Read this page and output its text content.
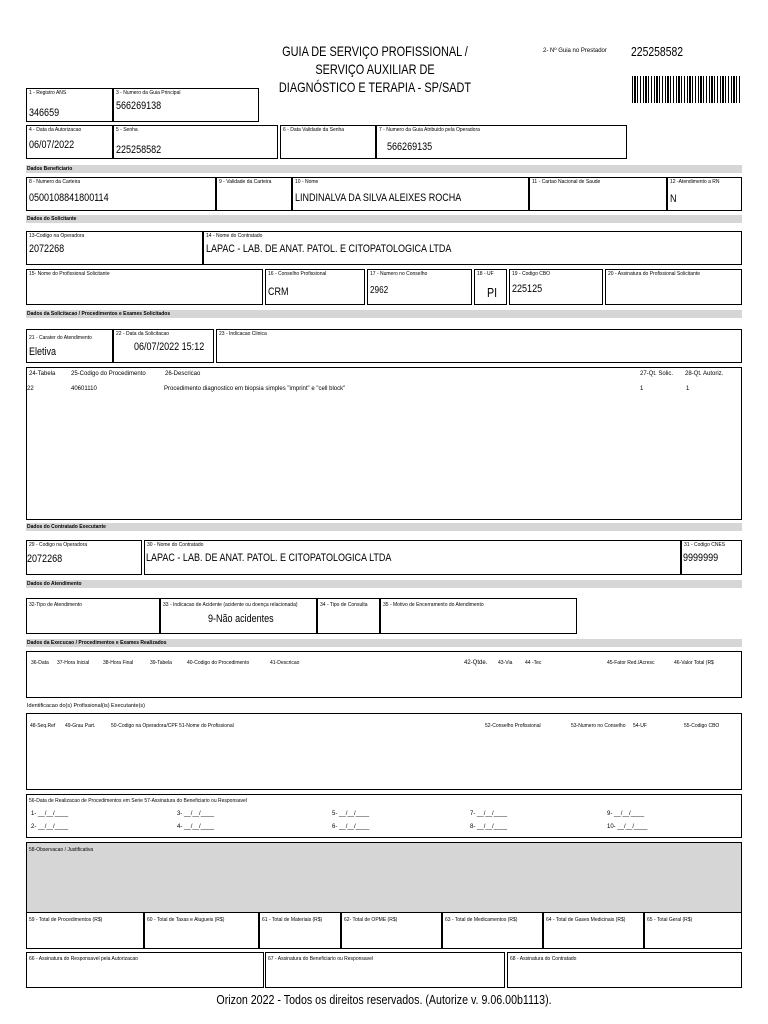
GUIA DE SERVIÇO PROFISSIONAL / SERVIÇO AUXILIAR DE
DIAGNÓSTICO E TERAPIA - SP/SADT
2- Nº Guia no Prestador 225258582
1 - Registro ANS
346659
3 - Numero da Guia Principal
566269138
4 - Data da Autorizacao
06/07/2022
5 - Senha
225258582
6 - Data Validade da Senha	7 - Numero da Guia Atribuido pela Operadora
566269135
Dados Beneficiario
8 - Numero da Carteira
0500108841800114
9 - Validade da Carteira	10 - Nome
LINDINALVA DA SILVA ALEIXES ROCHA
11 - Cartao Nacional de Saude	12 -Atendimento a RN
N
Dados do Solicitante
13-Codigo na Operadora
2072268
14 - Nome do Contratado
LAPAC - LAB. DE ANAT. PATOL. E CITOPATOLOGICA LTDA
15- Nome do Profissional Solicitante	16 - Conselho Profissional
CRM
17 - Numero no Conselho
2962
18 - UF
PI
19 - Codigo CBO
225125
20 - Assinatura do Profissional Solicitante
Dados da Solicitacao / Procedimentos e Exames Solicitados
21 - Carater do Atendimento
Eletiva
22 - Data da Solicitacao
06/07/2022 15:12
23 - Indicacao Clinica
24-Tabela	25-Codigo do Procedimento	26-Descricao	27-Qt. Solic. 28-Qt. Autoriz.
22	40601110	Procedimento diagnostico em biopsia simples "imprint" e "cell block"	1	1
Dados do Contratado Executante
29 - Codigo na Operadora
2072268
30 - Nome do Contratado
LAPAC - LAB. DE ANAT. PATOL. E CITOPATOLOGICA LTDA
31 - Codigo CNES
9999999
Dados do Atendimento
32-Tipo de Atendimento	33 - Indicacao de Acidente (acidente ou doença relacionada)
9-Não acidentes
34 - Tipo de Consulta	35 - Motivo de Encerramento do Atendimento
Dados da Execucao / Procedimentos e Exames Realizados
36-Data 37-Hora Inicial	38-Hora Final	39-Tabela	40-Codigo do Procedimento	41-Descricao	42-Qtde. 43-Via	44 -Tec	45-Fator Red./Acresc	46-Valor Total (R$
Identificacao do(s) Profissional(is) Executante(s)
48-Seq.Ref 49-Grau Part.	50-Codigo na Operadora/CPF 51-Nome do Profissional	52-Conselho Profissional	53-Numero no Conselho 54-UF	55-Codigo CBO
56-Data de Realizacao de Procedimentos em Serie 57-Assinatura do Beneficiario ou Responsavel
1- __/__/____
2- __/__/____
3- __/__/____
4- __/__/____
5- __/__/____
6- __/__/____
7- __/__/____
8- __/__/____
9- __/__/____
10- __/__/____
58-Observacao / Justificativa
59 - Total de Procedimentos (R$)	60 - Total de Taxas e Alugueis (R$)	61 - Total de Materiais (R$)	62- Total de OPME (R$)	63 - Total de Medicamentos (R$)	64 - Total de Gases Medicinais (R$)	65 - Total Geral (R$)
66 - Assinatura do Responsavel pela Autorizacao	67 - Assinatura do Beneficiario ou Responsavel	68 - Assinatura do Contratado
Orizon 2022 - Todos os direitos reservados. (Autorize v. 9.06.00b1113).
